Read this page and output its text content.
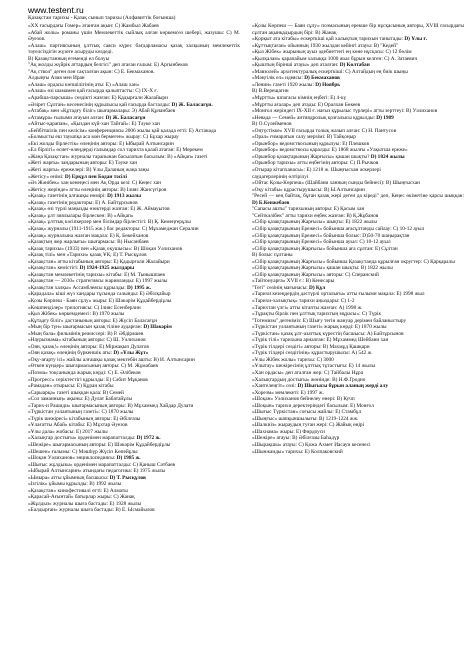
www.testent.ru
Қазақстан тарихы - Қазақ сынып тарихы (Алфавиттік боғынша)

«ХХ ғасырдағы Гомер» атанған ақын: С) Жамбыл Жабаев

«Абай жолы» романы үшін Мемлекеттік сыйлық алған көркемсөз шебері, жазушы: С) М. Әуезов.

«Алаш» партиясының ұлттық саяси күрес бағдарламасы қазақ халқының мемлекеттік тәуелсіздігін жүзеге асыруды көздеді.

В) Қазақстанның егеменді ел болуы

"Ақ жолды жүйрік аттардың белгісі" деп атаған ғалым: Е) Аргынбеков

"Ақ ствол" деген пән сақталған ақын: С) Е. Бекмаханов.

Алдыңғы Азия мен Иран

«Алаш» ордасы көпшілігінің аты: Е) «Алаш хан»

«Алаш» өзі шамамен қай ғасырда қалыптасты: С) IX-X ғ.

«Арабша-парсыша» сөздікті жазған: Е) Қадырғали Жалайыри

«Әзірет Сұлтан» кесенесінің құрылысы қай ғасырда басталды: D) Ж. Баласағұн.

«Атабақ» мен «Құтадғу біліг» шығармалары: Э) Абай Құнанбаев

«Атамұра» ғылыми атауын алған: D) Ж. Баласағұн

«Айтыс-қарапан», «Қыздан күй-хан Тайғай»: Е) Тәуке хан

«Бейбітшілік пен келісім» конференциясы 2006 жылы қай қалада өтті: Е) Астанада

«Болмысты еш тауыпқа аса мән бермеген» жырау: С) Бұхар жырау

«Екі жолды бірлестік» өлеңінің авторы: Е) Ыбырай Алтынсарин

«Ел бірлігі» өсиет-өлеңдерді ғалымдар сол тарихта қалай атаған: Е) Мерекем

«Жаңа Қазақстан» журналы тарапынан басылатын басылым: В) «Айқап» газеті

«Жеті жарғы» заңдарының авторы: Е) Тәуке хан

«Жеті жарғы» ережелері: В) Ұлы Даланың жаңа заңы

«Жетісу» өнімі: D) Ерқұл пен Бодан тәсілі

«Әз Жәнібек» хан кенеңесі мен Ақ Орда кезі: С) Кеңес хан

«Жетісу жерінде» атты өлеңінің авторы: В) Ілияс Жансүгіров

«Қазақ» газетінің алғашқы нөмірі: D) 1913 жылы

«Қазақ» газетінің редакторы: Е) А. Байтұрсынов

«Қазақ» өзі түрлі маңызды өзектерді жазған: Е) Ж. Аймауытов

«Қазақ» ұлт зиялылары бірлескен: В) «Айқап»

«Қазақ» ұлттық кәсіпкерлер мен білімдар бірлестігі: В) Қ. Кемеңгерұлы

«Қазақ» журналы (1911-1915 жж.) бас редакторы: С) Мұхамеджан Сералин

«Қазақ» журналына жазған мақала: Е) Қ. Бөкейханов

«Қазақтың жер жарлығы» шығармасы: В) Нысанбаев

«Қазақ тарихы» (1933) пен «Қазақ оқушысы»: В) Шоқан Уәлиханов

«Қазақ тілі» мен «Тарихи» қазақ ҰҚ: Е) Т. Рысқұлов

«Қазақстан» атты кітабының авторы: Е) Қадырғали Жалайыри

«Қазақстан» кемістігі: D) 1924-1925 жылдары

«Қазақстан мемлекетінің тарихы» кітабы: Е) М. Тынышпаев

«Қазақстан — 2030» стратегиясы жарияланды: Е) 1997 жылы

«Қазақстан халқы» Ассамблеясы құрылды: D) 1995 ж.

«Қарадала» кіші жүз хандары тұсында салынды: Е) Әбілқайыр

«Қозы Көрпеш - Баян сұлу» жыры: Е) Шәкәрім Құдайбердіұлы

«Көшпенділер» трилогиясы: С) Ілияс Есенберлин

«Қыз Жібек» көркемдемесі: В) 1970 жылы

«Құтадғу біліг» дастанының авторы: Е) Жүсіп Баласағұн

«Мың бір түн» шығармасын қазақ тіліне аударған: D) Шәкәрім

«Мың бала» фильмінің режиссері: В) Р. Әбдірәшев

«Наурызнама» кітабының авторы: С) Ш. Уәлиханов

«Оян, қазақ!» өлеңінің авторы: Е) Міржақып Дулатов

«Оян қазақ» өлеңінің бүркеншік аты: D) «Ұлы Жұт»

«Оқу-ағарту ісі» жайлы алғашқы қазақ мектебін ашты: В) И. Алтынсарин

«Өткен күндер» шығармасының авторы: С) М. Жұмабаев

«Поэма» тоқсанында жарық көрді: С) Е. Әлібеков

«Прогресс» серіктестігі құрылды: Е) Сәбит Мұқанов

«Рамадан» отырысы: Е) Құран кітабы

«Сарыарқа» газеті шыққан қала: В) Семей

«Сол заманның» ақыны: Е) Дулат Бабатайұлы

«Тарих-и Рашиди» шығармасының авторы: В) Мұхаммед Хайдар Дулати

«Түркістан уәлаятының газеті»: С) 1870 жылы

«Түрік шежіресі» кітабының авторы: Е) Әбілғазы

«Ұлағатты Абай» кітабы: Е) Мұхтар Әуезов

«Ұлы дала» жобасы: Е) 2017 жылы

«Халықтар достығы» орденімен марапатталды: D) 1972 ж.

«Шежіре» шығармасының авторы: Е) Шәкәрім Құдайбердіұлы

«Шешен» ғалымы: С) Мәшһүр Жүсіп Көпейұлы

«Шоқан Уәлиханов» энциклопедиясы: D) 1985 ж.

«Шығыс жұлдызы» орденімен марапатталды: С) Қаныш Сәтбаев

«Ыбырай Алтынсарин» атындағы педагогика: Е) 1975 жылы

«Ымыра» атты ұйымның басшысы: D) Т. Рысқұлов

«Ізгілік» ұйымы құрылды: В) 1992 жылы

«Қазақстан» кинофестивалі өтті: Е) Алматы

«Қарасай-Ағынтай» батырлар жыры: С) Жанақ

«Жұлдыз» журналы шыға бастады: Е) 1928 жылы

«Балдырған» журналы шыға бастады: В) Е. Ысмайылов

«Қозы Көрпеш — Баян сұлу» поэмасының ерекше бір нұсқасының авторы, ХVIII ғасырдағы сұлтан ақынқадырдың бірі: В) Жанақ

«Қорқыт ата кітабы» ескерткіші қай халықтың тарихын танытады: D) Ұлы ғ.

«Құттықтаған» ойынның 1930 жылдан кейінгі атауы: В) "Кедей"

«Қыз Жібек» жырының ауыз әдебиеттегі ең көне нұсқасы: С) 12 бөлім

«Қылқалам» қарапайым халыққа 1000 жыл бұрын келген: С) А. Затаевич

«Қыштың бірінші атауы» деп аталған: D) Көлтабан

«Мавзолей» архитектуралық ескерткіші: С) Алтайдың ең биік шыңы

«Мәңгілік ел» идеясы: D) Бекмаханов

«Ленин» газеті 1920 жылы: D) Ноябрь

В) В.Верещагин

«Мұртты» шпагасы кімнің еңбегі: Е) 4-кү

«Мұртты ағалар» деп атады: Е) Оралхан Бөкеев

«Монғол жеріндегі ІХ-ХІІ ғ. нағыз құрылыс түрлері» атты зерттеуі: В) Уәлиханов

«Невада — Семей» антиядролық қозғалысы құрылды: D) 1989

В) О.Сүлейменов

«Оңтүстікке» ХVІІ ғасырда толық жазып алған: С) Н. Пантусов

«Орал» ғимаратын салу мерзімі: В) Тайқоңыр

«Орынбор» ведомствосының құрылуы: Е) Плешков

«Орынбор» ведомствосы қаралды: Е) 1868 жылғы «Уақытша ереже»

«Орынбор қазақтарының Жарғысы» қашан шықты? D) 1824 жылы

«Орынбор тарихы» атты еңбегінің авторы: С) П.Рычков

«Отырар кітапханасы»: Е) 1218 ж. Шыңғысхан әскерлері

саудагерлерінің өлтірілуі

«Ойтас Қозы-Көрпеш» (Шайбани ханның сынды бейнесі): В) Шыңғысхан

«Оқу кітабы» құрастырушысы: В) Ы.Алтынсарин

"Ресей — кең байтақ, бұған қазақ жері деген да кіреді" деп, Кеңес өкіметіне қарсы шыққан: D) Б.Кенжебаев

"Сапасы ашты" тарихының авторы: Е) Қасым хан

"Сейткәлібек" атты тарихи еңбек жазған: В) Қ.Жұбанов

«Сібір қазақтарының Жарғысы» шықты: Е) 1822 жылы

«Сібір қазақтарының Ережесі» бойынша ағасұлтанды сайлау: С) 10-12 ауыл

«Сібір қазақтарының Ережесі» бойынша болыс: D)50-70 шаңырақтан

«Сібір қазақтарының Ережесі» бойынша ауыл: С) 10-12 ауыл

«Сібір қазақтарының Жарғысы» бойынша аға сұлтан: Е) Сұлтан

В) болыс сұлтаны

«Сібір қазақтарының Жарғысы» бойынша Қазақстанда құрылған округтер: С) Қарқаралы

«Сібір қазақтарының Жарғысы» қашан шықты: В) 1822 жылы

«Сібір қазақтарының Жарғысы» авторы: С) Сперанский

«Тайтонуарға» ХVІІ ғ.: В) Кенесары

"Тегі" сөзінің мағынасы: D) Құл

«Тарихи кезеңдердің дәстүрлі орталығы» атты ғылыми мақала: Е) 1998 жыл

«Тарихи-халықтық» тарихи аңыздары: С) 1-2

«Тарихтан үлгі» атты кітапты жазған: А) 1998 ж.

«Тұрақты бірлік пен ұлттық тарихтың мұрасы»: С) Түрік

"Тотемизм" дегеніміз: Е) Шығу тегін жануар дерімен байланыстыру

«Түркістан уәлаятының газеті» жарық көрді: Е) 1870 жылы

«Түркістан» қазақ ұлт-азаттық күрестің басшысы: А) Байтұрсынов

«Түрік тілі» тарихына арналған: Е) Мұхаммед Шейбани хан

«Түрік тілдері сөздігі» авторы: В) Махмұд Қашқари

«Түрік тілдері сөздігінің» құрастырушысы: А) 542 ж.

«Ұлы Жібек жолы» тарихы: С) 3000

«Ұлытау» шежіресінің ұлттық тұтастығы: Е) 14 жылы

«Хан ордасы» деп аталған жер: С) Тайбалы Нұра

«Халықтардың достығы» жөнінде: В) Н.Ф.Гродно

«Хантелеңгіт» сөзі: D) Шығысы бұрын аланың жерді алу

«Хорезм» мемлекеті: Е) 1997 ж.

«Шоқан» Уәлиханов бейнелеу өнері: В) Кучп

«Шоқын» тарихи деректеріндегі басылым: Е) Монғол

«Шығыс Түркістан» соғысы жайлы: Е) Стамбұл

«Шыңғыс» шапқыншылығы: В) 1219-1224 жж.

«Шалкиіз» жыраудың туған жері: С) Жайық өңірі

«Шахнама» жыры: Е) Фирдоуси

«Шежіре» атауы: В) Әбілғазы Баһадүр

«Шырақшы» атауы: С) Қожа Ахмет Иасауи кесенесі

«Шынжанды» тарихы: Е) Колпаковский
